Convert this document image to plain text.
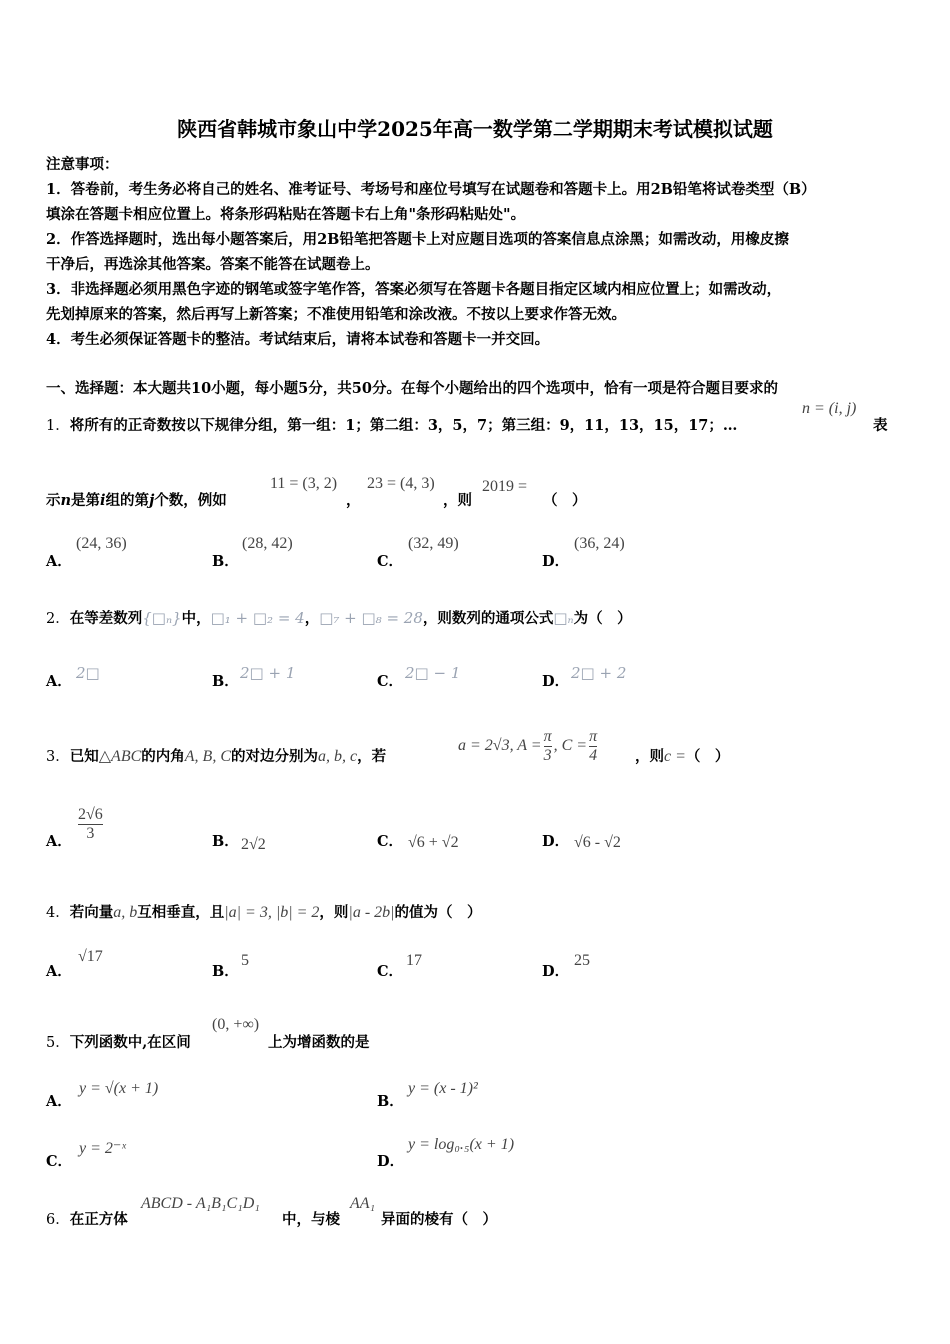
陕西省韩城市象山中学2025年高一数学第二学期期末考试模拟试题
注意事项：
1．答卷前，考生务必将自己的姓名、准考证号、考场号和座位号填写在试题卷和答题卡上。用2B铅笔将试卷类型（B）
填涂在答题卡相应位置上。将条形码粘贴在答题卡右上角"条形码粘贴处"。
2．作答选择题时，选出每小题答案后，用2B铅笔把答题卡上对应题目选项的答案信息点涂黑；如需改动，用橡皮擦
干净后，再选涂其他答案。答案不能答在试题卷上。
3．非选择题必须用黑色字迹的钢笔或签字笔作答，答案必须写在答题卡各题目指定区域内相应位置上；如需改动，
先划掉原来的答案，然后再写上新答案；不准使用铅笔和涂改液。不按以上要求作答无效。
4．考生必须保证答题卡的整洁。考试结束后，请将本试卷和答题卡一并交回。
一、选择题：本大题共10小题，每小题5分，共50分。在每个小题给出的四个选项中，恰有一项是符合题目要求的
1．将所有的正奇数按以下规律分组，第一组：1；第二组：3，5，7；第三组：9，11，13，15，17；…
n = (i, j)
表
示n是第i组的第j个数，例如
11 = (3, 2)
，
23 = (4, 3)
，则
2019 =
（　）
A．
(24, 36)
B．
(28, 42)
C．
(32, 49)
D．
(36, 24)
2．在等差数列{□ₙ}中，□₁ + □₂ = 4，□₇ + □₈ = 28，则数列的通项公式□ₙ为（　）
A． 2□	B． 2□ + 1	C． 2□ − 1	D． 2□ + 2
3．已知△ABC的内角A, B, C的对边分别为a, b, c，若
a = 2√3, $A = \frac{\pi}{3}$ , $C = \frac{\pi}{4}$	，则c =（　）
A． $\frac{2√6}{3}$	B． 2√2	C． √6 + √2	D． √6 - √2
4．若向量a, b互相垂直，且|a| = 3, |b| = 2，则|a - 2b|的值为（　）
A．
√17
B．
5
C．
17
D．
25
5．下列函数中,在区间
(0, +∞)
上为增函数的是
A．
y = √(x + 1)
B．
y = (x - 1)²
C．
y = 2⁻ˣ
D．
y = log₀.₅(x + 1)
6．在正方体
ABCD - A₁B₁C₁D₁
中，与棱
AA₁
异面的棱有（　）
